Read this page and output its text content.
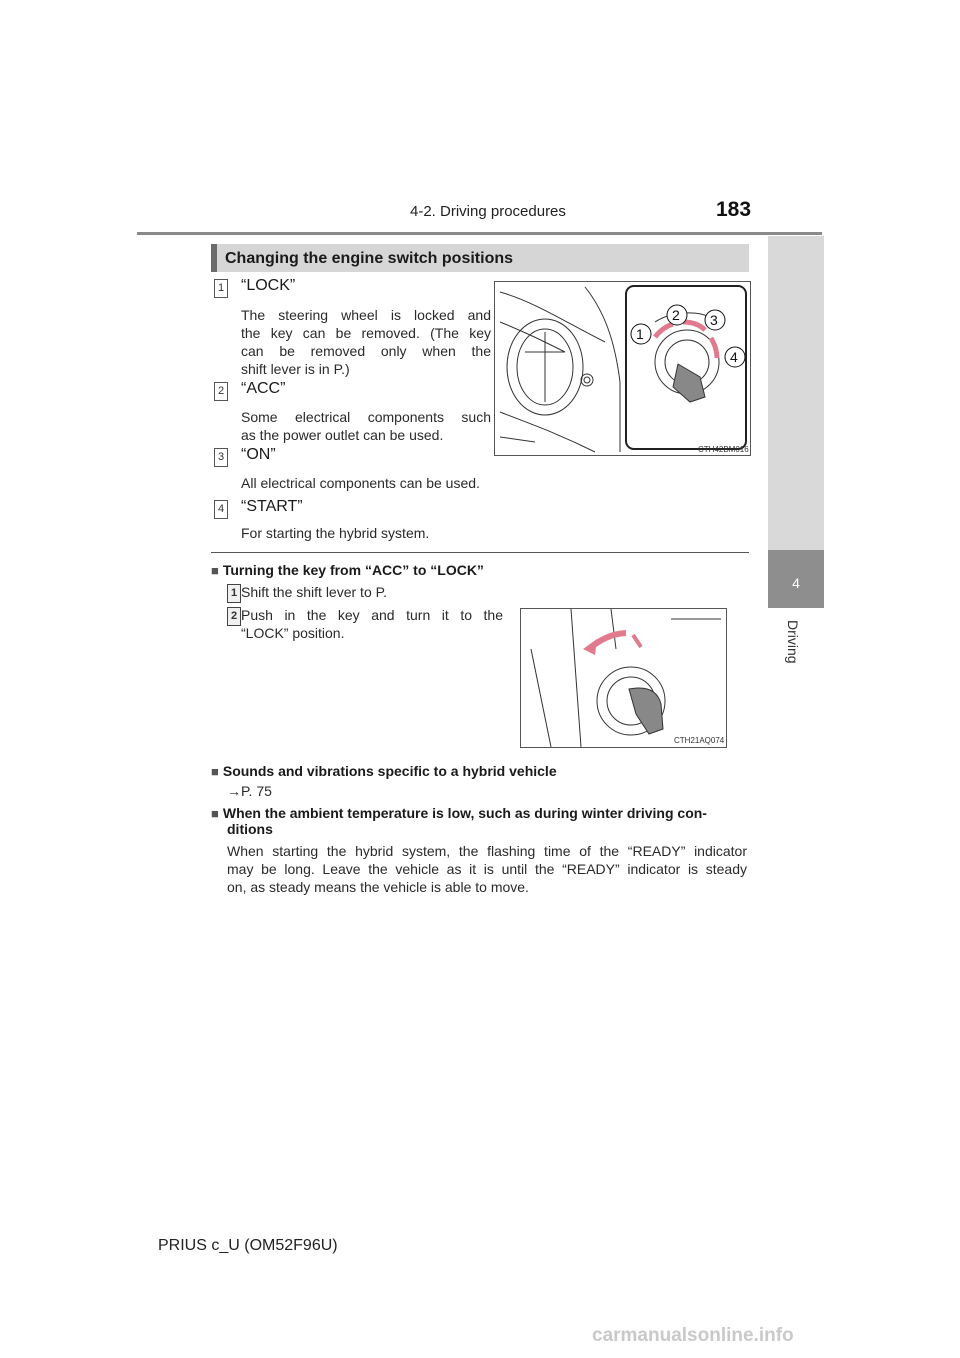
4-2. Driving procedures	183
4
Driving
Changing the engine switch positions
1 “LOCK”
The steering wheel is locked and
the key can be removed. (The key
can be removed only when the
shift lever is in P.)
2 “ACC”
Some electrical components such
as the power outlet can be used.
3 “ON”
All electrical components can be used.
4 “START”
For starting the hybrid system.
1
2 3
4
CTH42BM016
■ Turning the key from “ACC” to “LOCK”
1 Shift the shift lever to P.
2 Push in the key and turn it to the
“LOCK” position.
CTH21AQ074
■ Sounds and vibrations specific to a hybrid vehicle
→P. 75
■ When the ambient temperature is low, such as during winter driving con-
ditions
When starting the hybrid system, the flashing time of the “READY” indicator
may be long. Leave the vehicle as it is until the “READY” indicator is steady
on, as steady means the vehicle is able to move.
PRIUS c_U (OM52F96U)
carmanualsonline.info
